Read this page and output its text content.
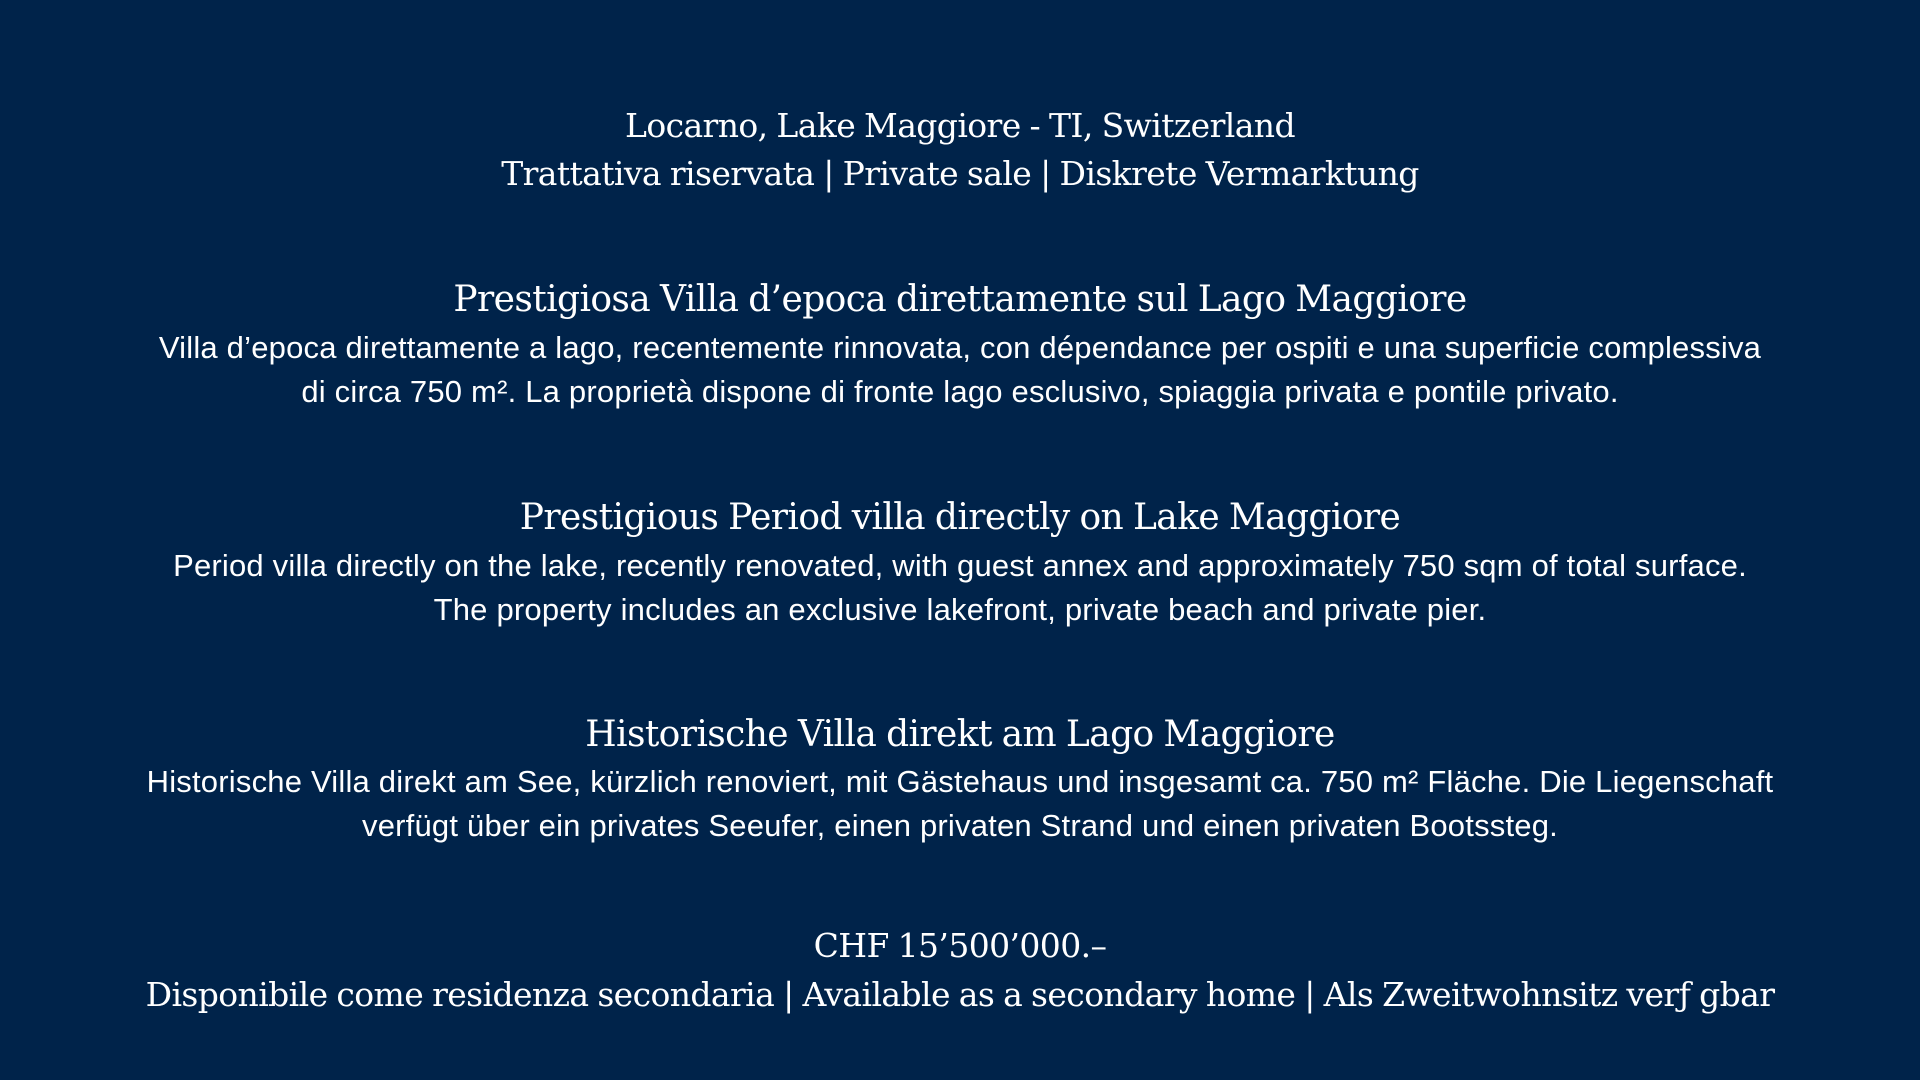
Locarno, Lake Maggiore - TI, Switzerland
Trattativa riservata | Private sale | Diskrete Vermarktung
Prestigiosa Villa d’epoca direttamente sul Lago Maggiore
Villa d’epoca direttamente a lago, recentemente rinnovata, con dépendance per ospiti e una superficie complessiva
di circa 750 m². La proprietà dispone di fronte lago esclusivo, spiaggia privata e pontile privato.
Prestigious Period villa directly on Lake Maggiore
Period villa directly on the lake, recently renovated, with guest annex and approximately 750 sqm of total surface.
The property includes an exclusive lakefront, private beach and private pier.
Historische Villa direkt am Lago Maggiore
Historische Villa direkt am See, kürzlich renoviert, mit Gästehaus und insgesamt ca. 750 m² Fläche. Die Liegenschaft
verfügt über ein privates Seeufer, einen privaten Strand und einen privaten Bootssteg.
CHF 15’500’000.–
Disponibile come residenza secondaria | Available as a secondary home | Als Zweitwohnsitz verƒ gbar
